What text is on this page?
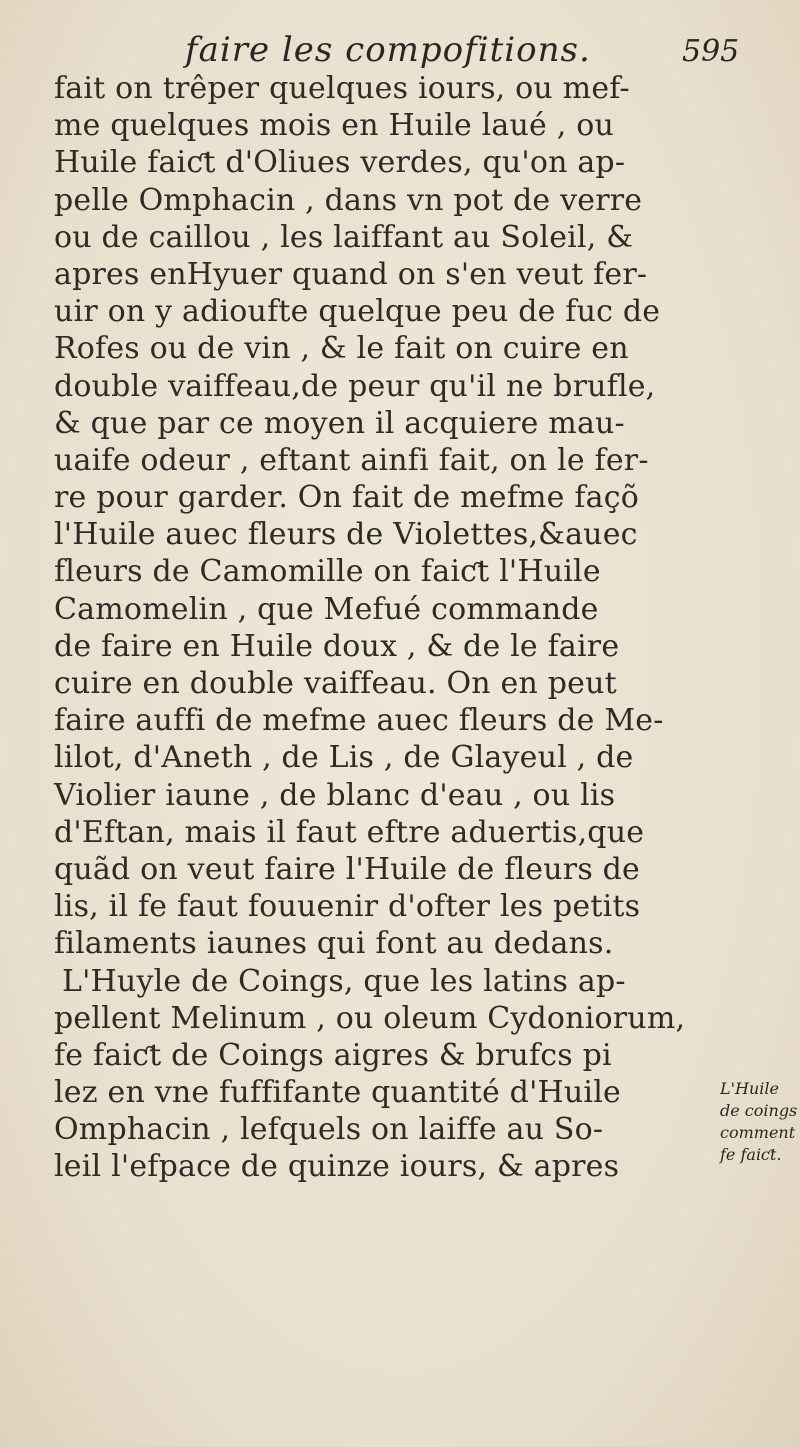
faire les compofitions.	595
fait on trêper quelques iours, ou mef-
me quelques mois en Huile laué , ou
Huile faiƈt d'Oliues verdes, qu'on ap-
pelle Omphacin , dans vn pot de verre
ou de caillou , les laiffant au Soleil, &
apres enHyuer quand on s'en veut fer-
uir on y adioufte quelque peu de fuc de
Rofes ou de vin , & le fait on cuire en
double vaiffeau,de peur qu'il ne brufle,
& que par ce moyen il acquiere mau-
uaife odeur , eftant ainfi fait, on le fer-
re pour garder. On fait de mefme façõ
l'Huile auec fleurs de Violettes,&auec
fleurs de Camomille on faiƈt l'Huile
Camomelin , que Mefué commande
de faire en Huile doux , & de le faire
cuire en double vaiffeau. On en peut
faire auffi de mefme auec fleurs de Me-
lilot, d'Aneth , de Lis , de Glayeul , de
Violier iaune , de blanc d'eau , ou lis
d'Eftan, mais il faut eftre aduertis,que
quãd on veut faire l'Huile de fleurs de
lis, il fe faut fouuenir d'ofter les petits
filaments iaunes qui font au dedans.
L'Huyle de Coings, que les latins ap-
pellent Melinum , ou oleum Cydoniorum,
fe faiƈt de Coings aigres & brufcs pi
lez en vne fuffifante quantité d'Huile
Omphacin , lefquels on laiffe au So-
leil l'efpace de quinze iours, & apres
L'Huile
de coings
comment
fe faiƈt.
